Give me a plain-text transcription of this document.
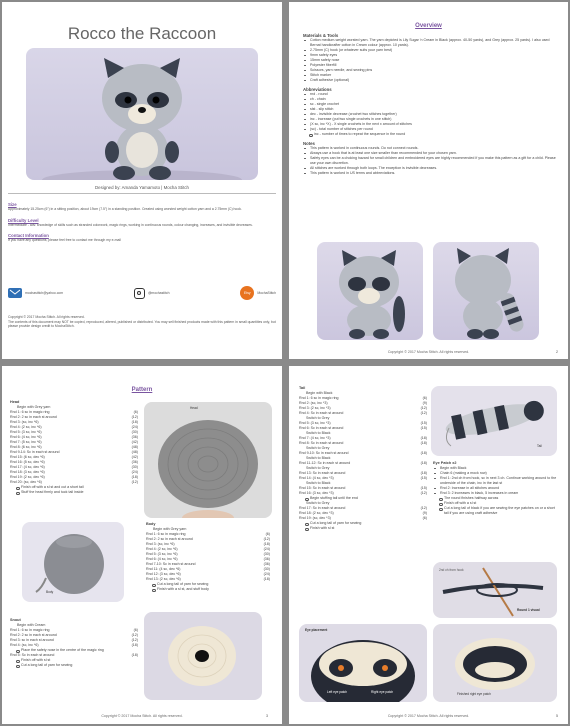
Rocco the Raccoon
Designed by: Amanda Yamamoto | Mocha Stitch
Size
Approximately 15.25cm (6") in a sitting position, about 19cm (7.5") in a standing position. Created using worsted weight cotton yarn and a 2.75mm (C) hook.
Difficulty Level
Intermediate - adv. knowledge of skills such as stranded colorwork, magic rings, working in continuous rounds, colour changing, increases, and invisible decreases.
Contact Information
If you have any questions, please feel free to contact me through my e-mail
mochastitch@yahoo.com	@mochastitch	Etsy	MochaStitch
Copyright © 2017 Mocha Stitch. All rights reserved.
The contents of this document may NOT be copied, reproduced, altered, published or distributed. You may sell finished products made with this pattern in small quantities only, but please provide design credit to MochaStitch.
Overview
Materials & Tools
Cotton medium-weight worsted yarn. The yarn depicted is Lily Sugar 'n Cream in Black (approx. 40-50 yards), and Grey (approx. 25 yards). I also used Bernat handicrafter cotton in Cream colour (approx. 10 yards).
2.75mm (C) hook (or whatever suits your yarn best)
9mm safety eyes
15mm safety nose
Polyester fiberfill
Scissors, yarn needle, and sewing pins
Stitch marker
Craft adhesive (optional)
Abbreviations
rnd - round
ch - chain
sc - single crochet
slst - slip stitch
dec - invisible decrease (crochet two stitches together)
inc - increase (put two single crochets in one stitch)
(X sc, inc *X) - X single crochets in the next x amount of stitches
(sc) - total number of stitches per round
inc - number of times to repeat the sequence in the round
Notes
This pattern is worked in continuous rounds. Do not connect rounds.
Always use a hook that is at least one size smaller than recommended for your chosen yarn.
Safety eyes can be a choking hazard for small children and embroidered eyes are highly recommended if you make this pattern as a gift for a child. Please use your own discretion.
All stitches are worked through both loops. The exception is invisible decreases.
This pattern is worked in US terms and abbreviations.
Copyright © 2017 Mocha Stitch. All rights reserved.	2
Pattern
Head
Begin with Grey yarn
Rnd 1: 6 sc in magic ring	(6)
Rnd 2: 2 sc in each st around	(12)
Rnd 3: (sc, inc *6)	(18)
Rnd 4: (2 sc, inc *6)	(24)
Rnd 5: (3 sc, inc *6)	(30)
Rnd 6: (4 sc, inc *6)	(36)
Rnd 7: (5 sc, inc *6)	(42)
Rnd 8: (6 sc, inc *6)	(48)
Rnd 9-14: Sc in each st around	(48)
Rnd 15: (6 sc, dec *6)	(42)
Rnd 16: (5 sc, dec *6)	(36)
Rnd 17: (4 sc, dec *6)	(30)
Rnd 18: (3 sc, dec *6)	(24)
Rnd 19: (2 sc, dec *6)	(18)
Rnd 20: (sc, dec *6)	(12)
Finish off with a sl st and cut a short tail
Stuff the head firmly and tuck tail inside
Head
Body
Body
Begin with Grey yarn
Rnd 1: 6 sc in magic ring	(6)
Rnd 2: 2 sc in each st around	(12)
Rnd 3: (sc, inc *6)	(18)
Rnd 4: (2 sc, inc *6)	(24)
Rnd 5: (3 sc, inc *6)	(30)
Rnd 6: (4 sc, inc *6)	(36)
Rnd 7-10: Sc in each st around	(36)
Rnd 11: (4 sc, dec *6)	(30)
Rnd 12: (3 sc, dec *6)	(24)
Rnd 13: (2 sc, dec *6)	(18)
Cut a long tail of yarn for sewing
Finish with a sl st, and stuff body
Snout
Begin with Cream
Rnd 1: 6 sc in magic ring	(6)
Rnd 2: 2 sc in each st around	(12)
Rnd 3: sc in each st around	(12)
Rnd 4: (sc, inc *6)	(18)
Place the safety nose in the centre of the magic ring
Rnd 5: Sc in each st around	(18)
Finish off with sl st
Cut a long tail of yarn for sewing
Copyright © 2017 Mocha Stitch. All rights reserved.	3
Tail
Begin with Black
Rnd 1: 6 sc in magic ring	(6)
Rnd 2: (sc, inc *3)	(9)
Rnd 3: (2 sc, inc *3)	(12)
Rnd 4: Sc in each st around	(12)
Switch to Grey
Rnd 5: (3 sc, inc *3)	(15)
Rnd 6: Sc in each st around	(15)
Switch to Black
Rnd 7: (4 sc, inc *3)	(18)
Rnd 8: Sc in each st around	(18)
Switch to Grey
Rnd 9-10: Sc in each st around	(18)
Switch to Black
Rnd 11-12: Sc in each st around	(18)
Switch to Grey
Rnd 13: Sc in each st around	(18)
Rnd 14: (4 sc, dec *3)	(15)
Switch to Black
Rnd 15: Sc in each st around	(15)
Rnd 16: (3 sc, dec *3)	(12)
Begin stuffing tail until the end
Switch to Grey
Rnd 17: Sc in each st around	(12)
Rnd 18: (2 sc, dec *3)	(9)
Rnd 19: (sc, dec *3)	(6)
Cut a long tail of yarn for sewing
Finish with sl st
Tail
Eye Patch x2
Begin with Black
Chain 6 (making a mock row)
Rnd 1: 2nd ch from hook, sc in next 3 ch. Continue working around to the underside of the chain, inc in the last st
Rnd 2: Increase in all stitches around
Rnd 3: 2 increases in black, 5 increases in cream
The round finishes halfway across
Finish off with a sl st
Cut a long tail of black if you are sewing the eye patches on or a short tail if you are using craft adhesive
2nd ch from hook
Round 1 visual
Eye placement
Left eye patch	Right eye patch	Finished right eye patch
Copyright © 2017 Mocha Stitch. All rights reserved.	5
